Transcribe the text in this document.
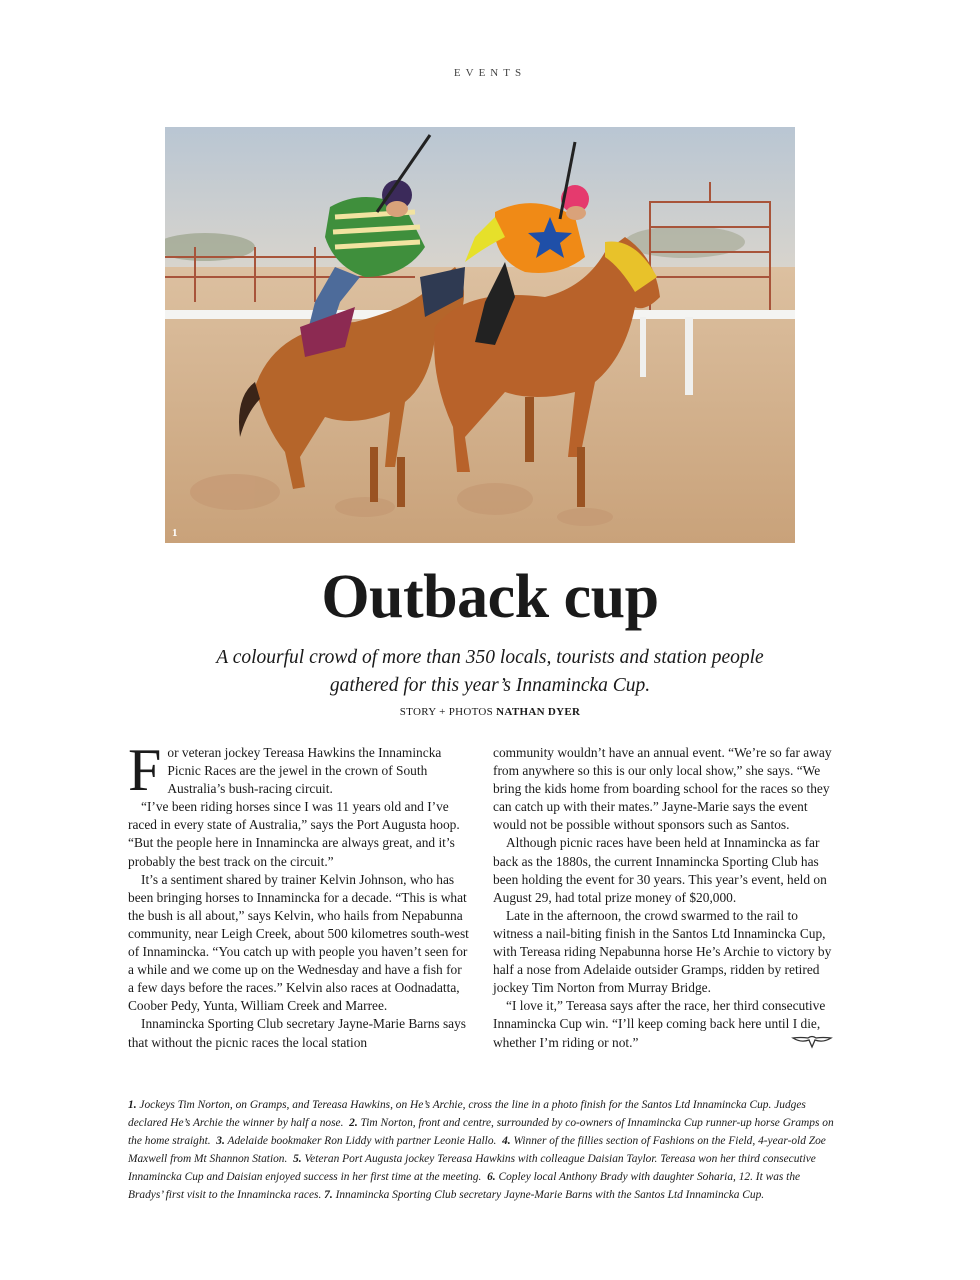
EVENTS
1
Outback cup

A colourful crowd of more than 350 locals, tourists and station people gathered for this year’s Innamincka Cup.

STORY + PHOTOS NATHAN DYER

For veteran jockey Tereasa Hawkins the Innamincka Picnic Races are the jewel in the crown of South Australia’s bush-racing circuit.

“I’ve been riding horses since I was 11 years old and I’ve raced in every state of Australia,” says the Port Augusta hoop. “But the people here in Innamincka are always great, and it’s probably the best track on the circuit.”

It’s a sentiment shared by trainer Kelvin Johnson, who has been bringing horses to Innamincka for a decade. “This is what the bush is all about,” says Kelvin, who hails from Nepabunna community, near Leigh Creek, about 500 kilometres south-west of Innamincka. “You catch up with people you haven’t seen for a while and we come up on the Wednesday and have a fish for a few days before the races.” Kelvin also races at Oodnadatta, Coober Pedy, Yunta, William Creek and Marree.

Innamincka Sporting Club secretary Jayne-Marie Barns says that without the picnic races the local station

community wouldn’t have an annual event. “We’re so far away from anywhere so this is our only local show,” she says. “We bring the kids home from boarding school for the races so they can catch up with their mates.” Jayne-Marie says the event would not be possible without sponsors such as Santos.

Although picnic races have been held at Innamincka as far back as the 1880s, the current Innamincka Sporting Club has been holding the event for 30 years. This year’s event, held on August 29, had total prize money of $20,000.

Late in the afternoon, the crowd swarmed to the rail to witness a nail-biting finish in the Santos Ltd Innamincka Cup, with Tereasa riding Nepabunna horse He’s Archie to victory by half a nose from Adelaide outsider Gramps, ridden by retired jockey Tim Norton from Murray Bridge.

“I love it,” Tereasa says after the race, her third consecutive Innamincka Cup win. “I’ll keep coming back here until I die, whether I’m riding or not.”

1. Jockeys Tim Norton, on Gramps, and Tereasa Hawkins, on He’s Archie, cross the line in a photo finish for the Santos Ltd Innamincka Cup. Judges declared He’s Archie the winner by half a nose. 2. Tim Norton, front and centre, surrounded by co-owners of Innamincka Cup runner-up horse Gramps on the home straight. 3. Adelaide bookmaker Ron Liddy with partner Leonie Hallo. 4. Winner of the fillies section of Fashions on the Field, 4-year-old Zoe Maxwell from Mt Shannon Station. 5. Veteran Port Augusta jockey Tereasa Hawkins with colleague Daisian Taylor. Tereasa won her third consecutive Innamincka Cup and Daisian enjoyed success in her first time at the meeting. 6. Copley local Anthony Brady with daughter Soharia, 12. It was the Bradys’ first visit to the Innamincka races. 7. Innamincka Sporting Club secretary Jayne-Marie Barns with the Santos Ltd Innamincka Cup.
